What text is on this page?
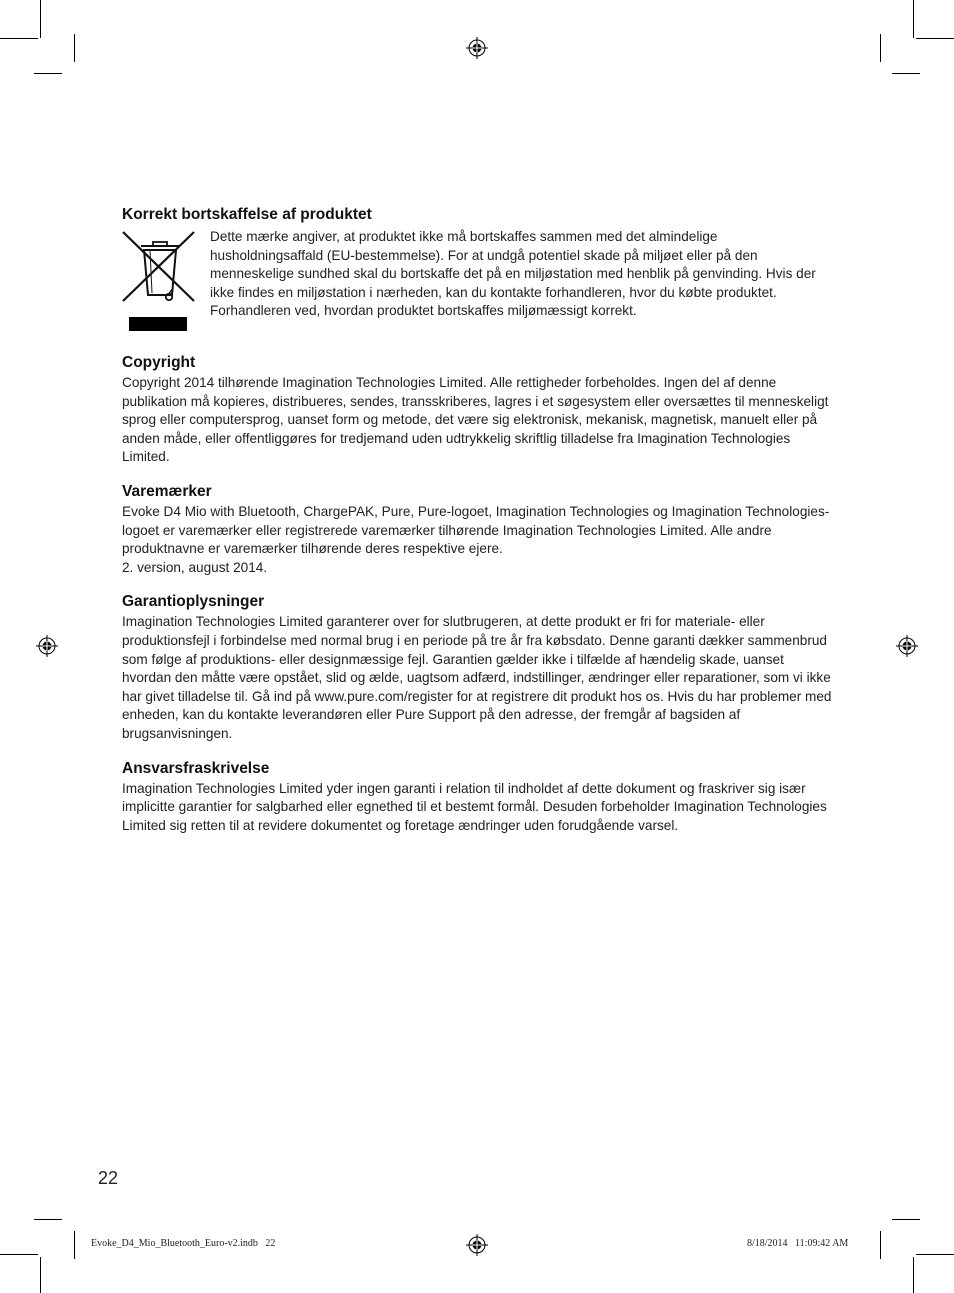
Korrekt bortskaffelse af produktet

Dette mærke angiver, at produktet ikke må bortskaffes sammen med det almindelige husholdningsaffald (EU-bestemmelse). For at undgå potentiel skade på miljøet eller på den menneskelige sundhed skal du bortskaffe det på en miljøstation med henblik på genvinding. Hvis der ikke findes en miljøstation i nærheden, kan du kontakte forhandleren, hvor du købte produktet. Forhandleren ved, hvordan produktet bortskaffes miljømæssigt korrekt.

Copyright

Copyright 2014 tilhørende Imagination Technologies Limited. Alle rettigheder forbeholdes. Ingen del af denne publikation må kopieres, distribueres, sendes, transskriberes, lagres i et søgesystem eller oversættes til menneskeligt sprog eller computersprog, uanset form og metode, det være sig elektronisk, mekanisk, magnetisk, manuelt eller på anden måde, eller offentliggøres for tredjemand uden udtrykkelig skriftlig tilladelse fra Imagination Technologies Limited.

Varemærker

Evoke D4 Mio with Bluetooth, ChargePAK, Pure, Pure-logoet, Imagination Technologies og Imagination Technologies-logoet er varemærker eller registrerede varemærker tilhørende Imagination Technologies Limited. Alle andre produktnavne er varemærker tilhørende deres respektive ejere.

2. version, august 2014.

Garantioplysninger

Imagination Technologies Limited garanterer over for slutbrugeren, at dette produkt er fri for materiale- eller produktionsfejl i forbindelse med normal brug i en periode på tre år fra købsdato. Denne garanti dækker sammenbrud som følge af produktions- eller designmæssige fejl. Garantien gælder ikke i tilfælde af hændelig skade, uanset hvordan den måtte være opstået, slid og ælde, uagtsom adfærd, indstillinger, ændringer eller reparationer, som vi ikke har givet tilladelse til. Gå ind på www.pure.com/register for at registrere dit produkt hos os. Hvis du har problemer med enheden, kan du kontakte leverandøren eller Pure Support på den adresse, der fremgår af bagsiden af brugsanvisningen.

Ansvarsfraskrivelse

Imagination Technologies Limited yder ingen garanti i relation til indholdet af dette dokument og fraskriver sig især implicitte garantier for salgbarhed eller egnethed til et bestemt formål. Desuden forbeholder Imagination Technologies Limited sig retten til at revidere dokumentet og foretage ændringer uden forudgående varsel.

22
Evoke_D4_Mio_Bluetooth_Euro-v2.indb   22	8/18/2014   11:09:42 AM
